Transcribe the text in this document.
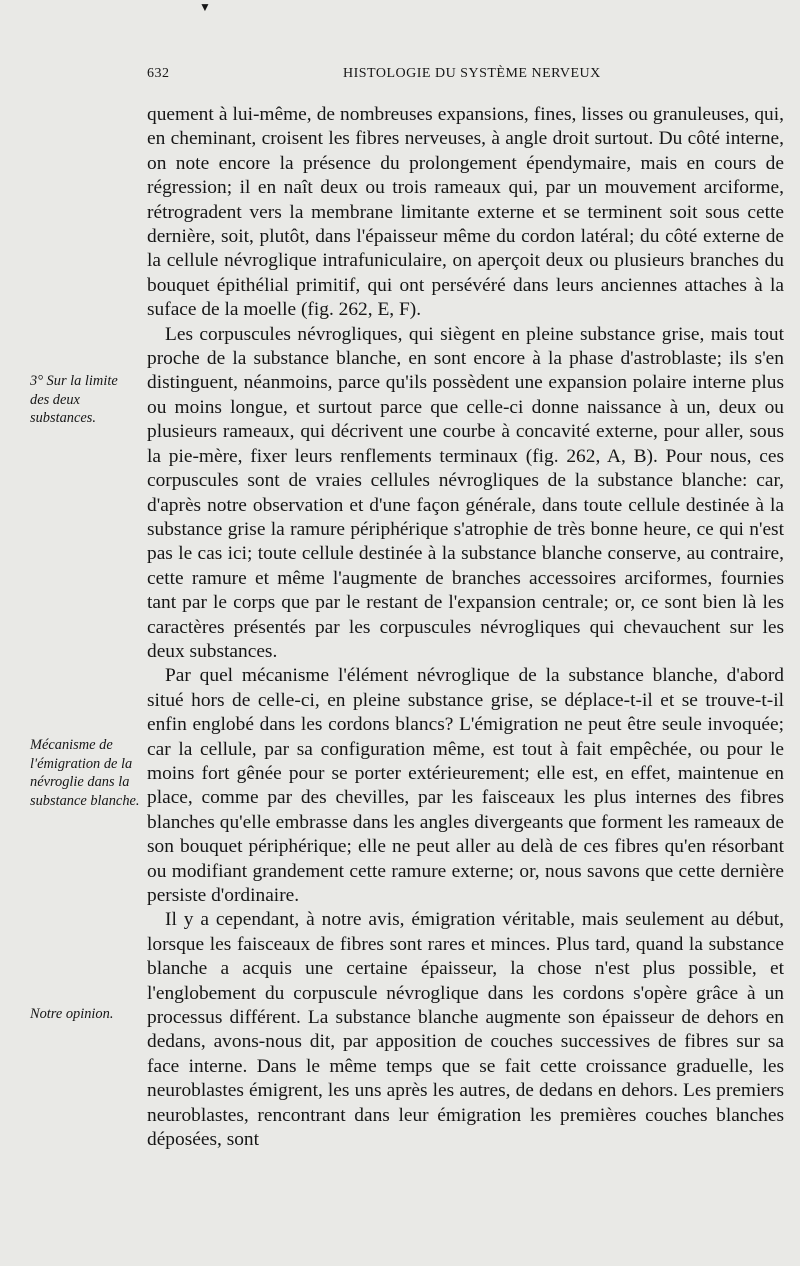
▼
632	HISTOLOGIE DU SYSTÈME NERVEUX
3° Sur la limite des deux substances.
Mécanisme de l'émigration de la névroglie dans la substance blanche.
Notre opinion.

quement à lui-même, de nombreuses expansions, fines, lisses ou granuleuses, qui, en cheminant, croisent les fibres nerveuses, à angle droit surtout. Du côté interne, on note encore la présence du prolongement épendymaire, mais en cours de régression; il en naît deux ou trois rameaux qui, par un mouvement arciforme, rétrogradent vers la membrane limitante externe et se terminent soit sous cette dernière, soit, plutôt, dans l'épaisseur même du cordon latéral; du côté externe de la cellule névroglique intrafuniculaire, on aperçoit deux ou plusieurs branches du bouquet épithélial primitif, qui ont persévéré dans leurs anciennes attaches à la suface de la moelle (fig. 262, E, F).

Les corpuscules névrogliques, qui siègent en pleine substance grise, mais tout proche de la substance blanche, en sont encore à la phase d'astroblaste; ils s'en distinguent, néanmoins, parce qu'ils possèdent une expansion polaire interne plus ou moins longue, et surtout parce que celle-ci donne naissance à un, deux ou plusieurs rameaux, qui décrivent une courbe à concavité externe, pour aller, sous la pie-mère, fixer leurs renflements terminaux (fig. 262, A, B). Pour nous, ces corpuscules sont de vraies cellules névrogliques de la substance blanche: car, d'après notre observation et d'une façon générale, dans toute cellule destinée à la substance grise la ramure périphérique s'atrophie de très bonne heure, ce qui n'est pas le cas ici; toute cellule destinée à la substance blanche conserve, au contraire, cette ramure et même l'augmente de branches accessoires arciformes, fournies tant par le corps que par le restant de l'expansion centrale; or, ce sont bien là les caractères présentés par les corpuscules névrogliques qui chevauchent sur les deux substances.

Par quel mécanisme l'élément névroglique de la substance blanche, d'abord situé hors de celle-ci, en pleine substance grise, se déplace-t-il et se trouve-t-il enfin englobé dans les cordons blancs? L'émigration ne peut être seule invoquée; car la cellule, par sa configuration même, est tout à fait empêchée, ou pour le moins fort gênée pour se porter extérieurement; elle est, en effet, maintenue en place, comme par des chevilles, par les faisceaux les plus internes des fibres blanches qu'elle embrasse dans les angles divergeants que forment les rameaux de son bouquet périphérique; elle ne peut aller au delà de ces fibres qu'en résorbant ou modifiant grandement cette ramure externe; or, nous savons que cette dernière persiste d'ordinaire.

Il y a cependant, à notre avis, émigration véritable, mais seulement au début, lorsque les faisceaux de fibres sont rares et minces. Plus tard, quand la substance blanche a acquis une certaine épaisseur, la chose n'est plus possible, et l'englobement du corpuscule névroglique dans les cordons s'opère grâce à un processus différent. La substance blanche augmente son épaisseur de dehors en dedans, avons-nous dit, par apposition de couches successives de fibres sur sa face interne. Dans le même temps que se fait cette croissance graduelle, les neuroblastes émigrent, les uns après les autres, de dedans en dehors. Les premiers neuroblastes, rencontrant dans leur émigration les premières couches blanches déposées, sont
